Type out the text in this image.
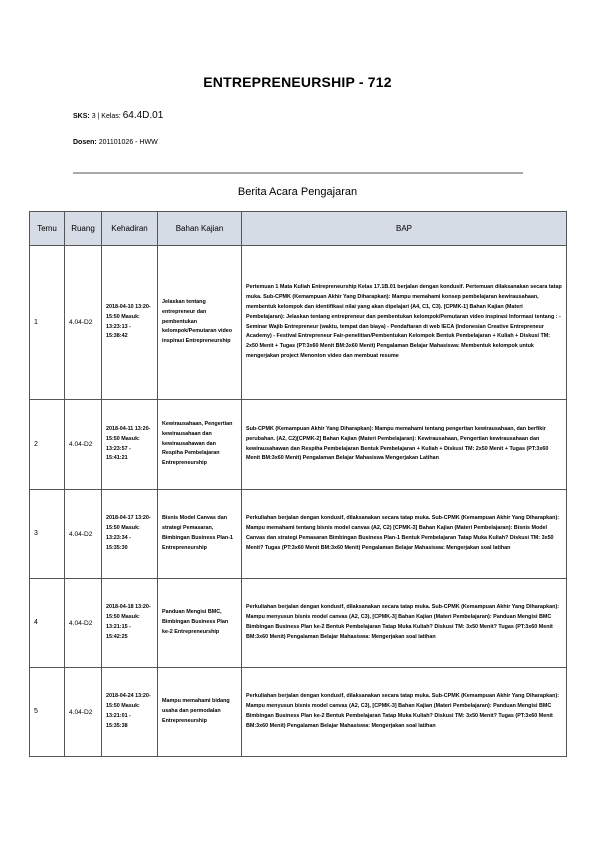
ENTREPRENEURSHIP - 712
SKS: 3 | Kelas: 64.4D.01
Dosen: 201101026 - HWW
Berita Acara Pengajaran
Temu	Ruang	Kehadiran	Bahan Kajian	BAP
1	4.04-D2	2018-04-10 13:20-15:50 Masuk: 13:23:13 - 15:38:42	Jelaskan tentang entrepreneur dan pembentukan kelompok/Pemutaran video inspirasi Entrepreneurship	Pertemuan 1 Mata Kuliah Entrepreneurship Kelas 17.1B.01 berjalan dengan kondusif. Pertemuan dilaksanakan secara tatap muka. Sub-CPMK (Kemampuan Akhir Yang Diharapkan): Mampu memahami konsep pembelajaran kewirausahaan, membentuk kelompok dan identifikasi nilai yang akan dipelajari (A4, C1, C3). [CPMK-1] Bahan Kajian (Materi Pembelajaran): Jelaskan tentang entrepreneur dan pembentukan kelompok/Pemutaran video inspirasi Informasi tentang : - Seminar Wajib Entrepreneur (waktu, tempat dan biaya) - Pendaftaran di web IECA (Indonesian Creative Entrepreneur Academy) - Festival Entrepreneur Fair-penelitian/Pembentukan Kelompok Bentuk Pembelajaran + Kuliah + Diskusi TM: 2x50 Menit + Tugas (PT:3x60 Menit BM:3x60 Menit) Pengalaman Belajar Mahasiswa: Membentuk kelompok untuk mengerjakan project Menonton video dan membuat resume
2	4.04-D2	2018-04-11 13:20-15:50 Masuk: 13:23:57 - 15:41:21	Kewirausahaan, Pengertian kewirausahaan dan kewirausahawan dan Respiha Pembelajaran Entrepreneurship	Sub-CPMK (Kemampuan Akhir Yang Diharapkan): Mampu memahami tentang pengertian kewirausahaan, dan berfikir perubahan. (A2, C2)[CPMK-2] Bahan Kajian (Materi Pembelajaran): Kewirausahaan, Pengertian kewirausahaan dan kewirausahawan dan Respiha Pembelajaran Bentuk Pembelajaran + Kuliah + Diskusi TM: 2x50 Menit + Tugas (PT:3x60 Menit BM:3x60 Menit) Pengalaman Belajar Mahasiswa Mengerjakan Latihan
3	4.04-D2	2018-04-17 13:20-15:50 Masuk: 13:23:34 - 15:35:30	Bisnis Model Canvas dan strategi Pemasaran, Bimbingan Business Plan-1 Entrepreneurship	Perkuliahan berjalan dengan kondusif, dilaksanakan secara tatap muka. Sub-CPMK (Kemampuan Akhir Yang Diharapkan): Mampu memahami tentang bisnis model canvas (A2, C2) [CPMK-3] Bahan Kajian (Materi Pembelajaran): Bisnis Model Canvas dan strategi Pemasaran Bimbingan Business Plan-1 Bentuk Pembelajaran Tatap Muka Kuliah? Diskusi TM: 3x50 Menit? Tugas (PT:3x60 Menit BM:3x60 Menit) Pengalaman Belajar Mahasiswa: Mengerjakan soal latihan
4	4.04-D2	2018-04-18 13:20-15:50 Masuk: 13:21:15 - 15:42:25	Panduan Mengisi BMC, Bimbingan Business Plan ke-2 Entrepreneurship	Perkuliahan berjalan dengan kondusif, dilaksanakan secara tatap muka. Sub-CPMK (Kemampuan Akhir Yang Diharapkan): Mampu menyusun bisnis model canvas (A2, C3), [CPMK-3] Bahan Kajian (Materi Pembelajaran): Panduan Mengisi BMC Bimbingan Business Plan ke-2 Bentuk Pembelajaran Tatap Muka Kuliah? Diskusi TM: 3x50 Menit? Tugas (PT:3x60 Menit BM:3x60 Menit) Pengalaman Belajar Mahasiswa: Mengerjakan soal latihan
5	4.04-D2	2018-04-24 13:20-15:50 Masuk: 13:21:01 - 15:35:38	Mampu memahami bidang usaha dan permodalan Entrepreneurship	Perkuliahan berjalan dengan kondusif, dilaksanakan secara tatap muka. Sub-CPMK (Kemampuan Akhir Yang Diharapkan): Mampu menyusun bisnis model canvas (A2, C3), [CPMK-3] Bahan Kajian (Materi Pembelajaran): Panduan Mengisi BMC Bimbingan Business Plan ke-2 Bentuk Pembelajaran Tatap Muka Kuliah? Diskusi TM: 3x50 Menit? Tugas (PT:3x60 Menit BM:3x60 Menit) Pengalaman Belajar Mahasiswa: Mengerjakan soal latihan
